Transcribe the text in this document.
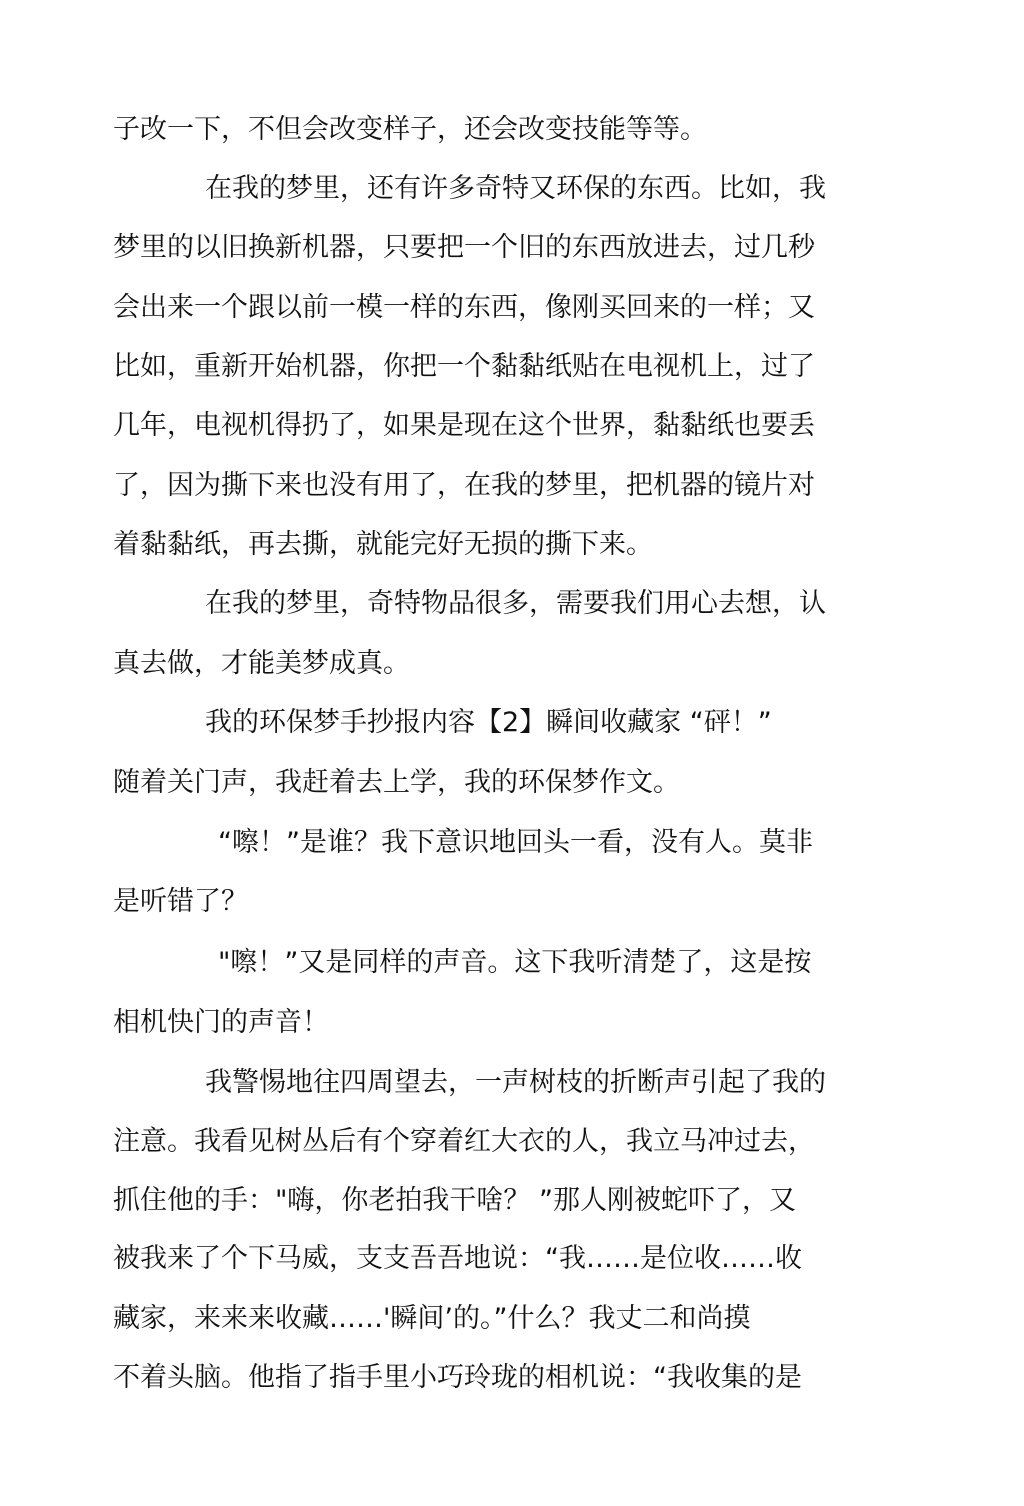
子改一下，不但会改变样子，还会改变技能等等。
在我的梦里，还有许多奇特又环保的东西。比如，我
梦里的以旧换新机器，只要把一个旧的东西放进去，过几秒
会出来一个跟以前一模一样的东西，像刚买回来的一样；又
比如，重新开始机器，你把一个黏黏纸贴在电视机上，过了
几年，电视机得扔了，如果是现在这个世界，黏黏纸也要丢
了，因为撕下来也没有用了，在我的梦里，把机器的镜片对
着黏黏纸，再去撕，就能完好无损的撕下来。
在我的梦里，奇特物品很多，需要我们用心去想，认
真去做，才能美梦成真。
我的环保梦手抄报内容【2】瞬间收藏家 “砰！”
随着关门声，我赶着去上学，我的环保梦作文。
“嚓！”是谁？我下意识地回头一看，没有人。莫非
是听错了？
"嚓！”又是同样的声音。这下我听清楚了，这是按
相机快门的声音！
我警惕地往四周望去，一声树枝的折断声引起了我的
注意。我看见树丛后有个穿着红大衣的人，我立马冲过去，
抓住他的手："嗨，你老拍我干啥？ ”那人刚被蛇吓了，又
被我来了个下马威，支支吾吾地说：“我……是位收……收
藏家，来来来收藏……'瞬间’的。”什么？我丈二和尚摸
不着头脑。他指了指手里小巧玲珑的相机说：“我收集的是
